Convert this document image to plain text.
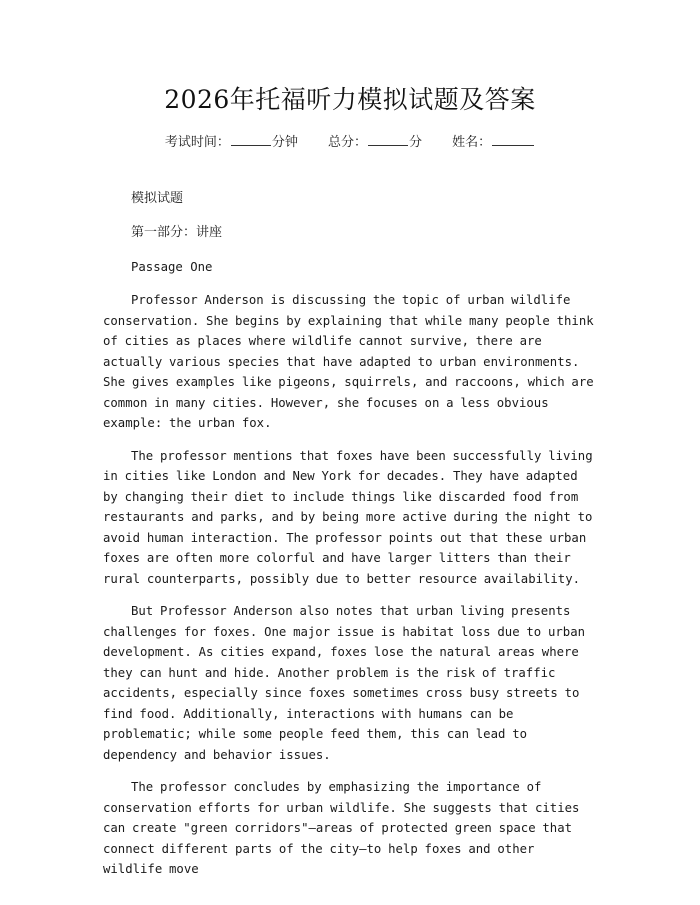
2026年托福听力模拟试题及答案
考试时间：	分钟 总分：	分 姓名：
模拟试题
第一部分：讲座
Passage One

Professor Anderson is discussing the topic of urban wildlife conservation. She begins by explaining that while many people think of cities as places where wildlife cannot survive, there are actually various species that have adapted to urban environments. She gives examples like pigeons, squirrels, and raccoons, which are common in many cities. However, she focuses on a less obvious example: the urban fox.

The professor mentions that foxes have been successfully living in cities like London and New York for decades. They have adapted by changing their diet to include things like discarded food from restaurants and parks, and by being more active during the night to avoid human interaction. The professor points out that these urban foxes are often more colorful and have larger litters than their rural counterparts, possibly due to better resource availability.

But Professor Anderson also notes that urban living presents challenges for foxes. One major issue is habitat loss due to urban development. As cities expand, foxes lose the natural areas where they can hunt and hide. Another problem is the risk of traffic accidents, especially since foxes sometimes cross busy streets to find food. Additionally, interactions with humans can be problematic; while some people feed them, this can lead to dependency and behavior issues.

The professor concludes by emphasizing the importance of conservation efforts for urban wildlife. She suggests that cities can create "green corridors"—areas of protected green space that connect different parts of the city—to help foxes and other wildlife move
